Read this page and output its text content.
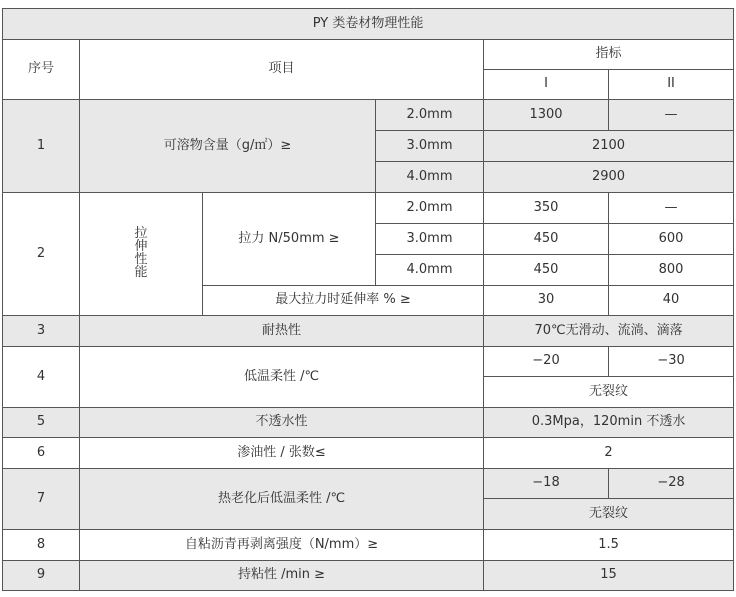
PY 类卷材物理性能					
序号	项目			指标	
				I	II
1	可溶物含量（g/㎡）≥		2.0mm	1300	—
			3.0mm	2100	
			4.0mm	2900	
2	拉伸性能	拉力 N/50mm ≥	2.0mm	350	—
			3.0mm	450	600
			4.0mm	450	800
		最大拉力时延伸率 % ≥		30	40
3	耐热性			70℃无滑动、流淌、滴落	
4	低温柔性 /℃			−20	−30
				无裂纹	
5	不透水性			0.3Mpa，120min 不透水	
6	渗油性 / 张数≤			2	
7	热老化后低温柔性 /℃			−18	−28
				无裂纹	
8	自粘沥青再剥离强度（N/mm）≥			1.5	
9	持粘性 /min ≥			15	
